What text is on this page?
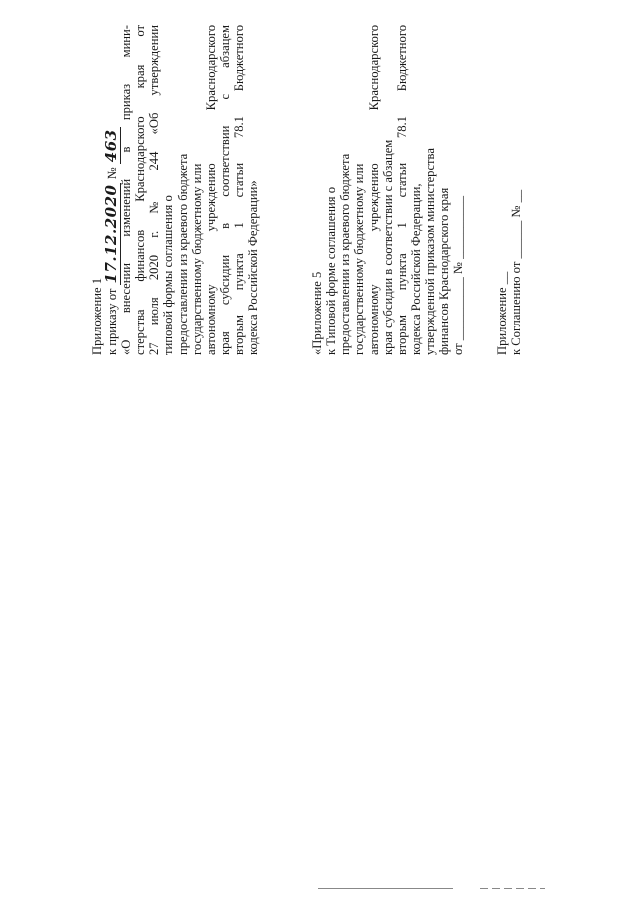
Приложение 1 к приказу от 17.12.2020 № 463 «О внесении изменений в приказ мини- стерства финансов Краснодарского края от 27 июля 2020 г. № 244 «Об утверждении типовой формы соглашения о предоставлении из краевого бюджета государственному бюджетному или автономному учреждению Краснодарского края субсидии в соответствии с абзацем вторым пункта 1 статьи 78.1 Бюджетного кодекса Российской Федерации»	«Приложение 5 к Типовой форме соглашения о предоставлении из краевого бюджета государственному бюджетному или автономному учреждению Краснодарского края субсидии в соответствии с абзацем вторым пункта 1 статьи 78.1 Бюджетного кодекса Российской Федерации, утвержденной приказом министерства финансов Краснодарского края от __________ № __________ Приложение __ к Соглашению от ______ № __
